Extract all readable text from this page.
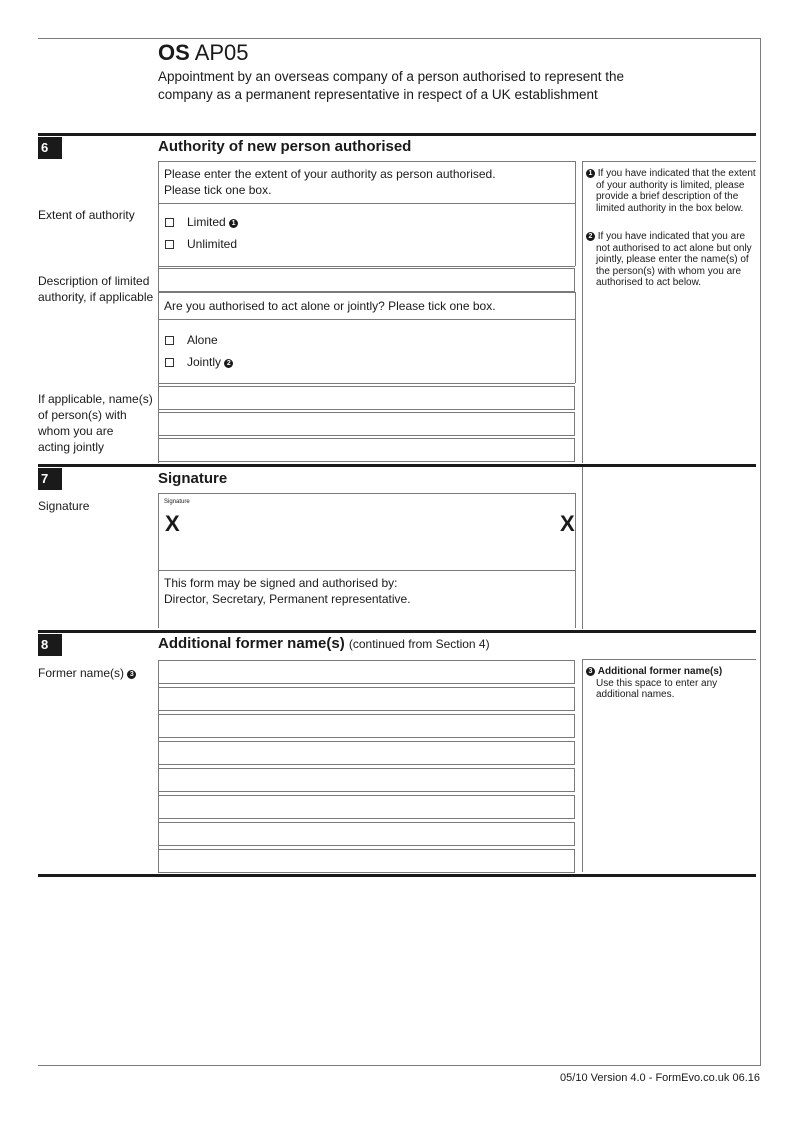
OS AP05
Appointment by an overseas company of a person authorised to represent the
company as a permanent representative in respect of a UK establishment
6	Authority of new person authorised
1 If you have indicated that the extent
of your authority is limited, please
provide a brief description of the
limited authority in the box below.
2 If you have indicated that you are
not authorised to act alone but only
jointly, please enter the name(s) of
the person(s) with whom you are
authorised to act below.
Please enter the extent of your authority as person authorised.
Please tick one box.
Extent of authority	Limited 1
Unlimited
Description of limited
authority, if applicable
Are you authorised to act alone or jointly? Please tick one box.
Alone
Jointly 2
If applicable, name(s)
of person(s) with
whom you are
acting jointly
7	Signature
Signature	Signature
X	X
This form may be signed and authorised by:
Director, Secretary, Permanent representative.
8	Additional former name(s) (continued from Section 4)
3 Additional former name(s)
Use this space to enter any
additional names.
Former name(s) 3
05/10 Version 4.0 - FormEvo.co.uk 06.16
